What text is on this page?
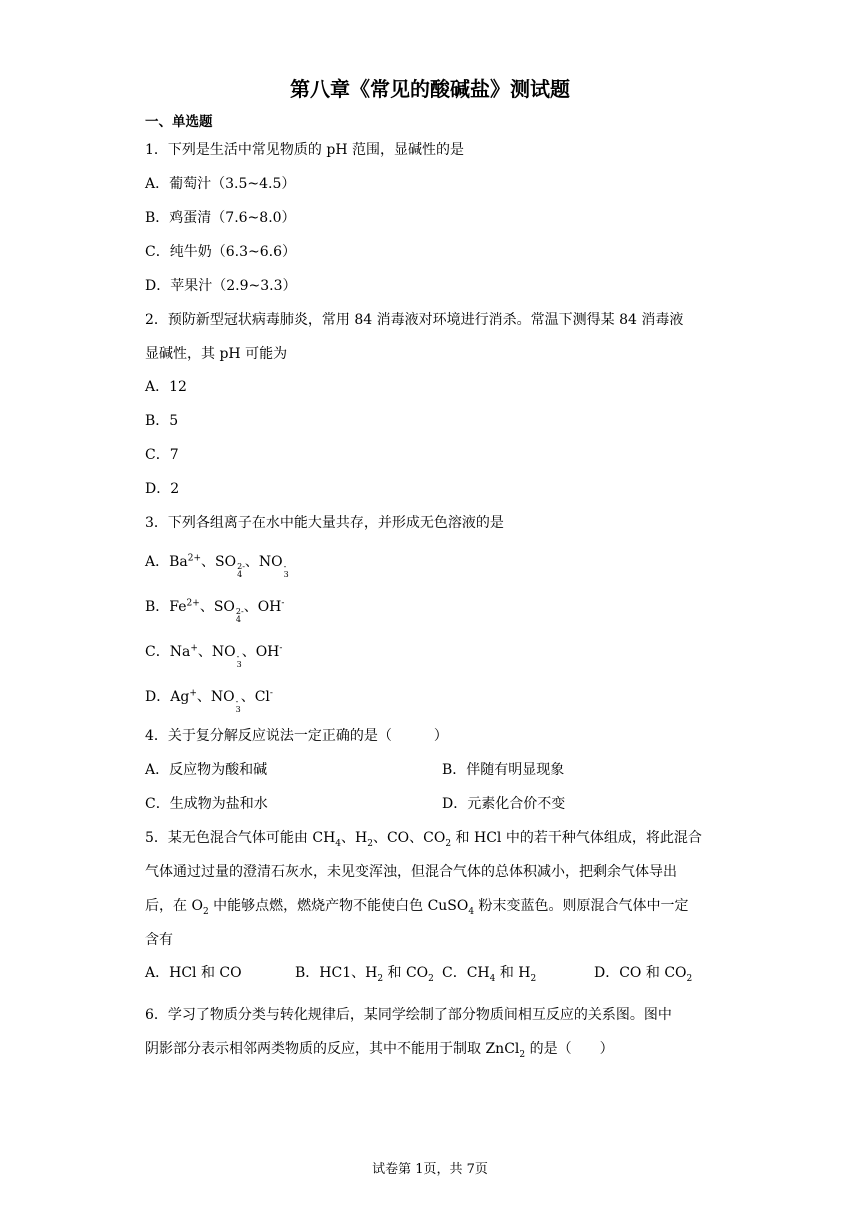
第八章《常见的酸碱盐》测试题
一、单选题
1．下列是生活中常见物质的 pH 范围，显碱性的是
A．葡萄汁（3.5~4.5）
B．鸡蛋清（7.6~8.0）
C．纯牛奶（6.3~6.6）
D．苹果汁（2.9~3.3）
2．预防新型冠状病毒肺炎，常用 84 消毒液对环境进行消杀。常温下测得某 84 消毒液
显碱性，其 pH 可能为
A．12
B．5
C．7
D．2
3．下列各组离子在水中能大量共存，并形成无色溶液的是
A．$Ba^{2+}$、SO 2-
4
、NO -
3
B．$Fe^{2+}$、SO 2-
4
、OH-
C．Na+、NO -
3
、OH-
D．Ag+、NO -
3
、Cl-
4．关于复分解反应说法一定正确的是（　　　）
A．反应物为酸和碱	B．伴随有明显现象
C．生成物为盐和水	D．元素化合价不变
5．某无色混合气体可能由 $CH_4$、$H_2$、CO、$CO_2$ 和 HCl 中的若干种气体组成，将此混合
气体通过过量的澄清石灰水，未见变浑浊，但混合气体的总体积减小，把剩余气体导出
后，在 $O_2$ 中能够点燃，燃烧产物不能使白色 CuSO$_4$ 粉末变蓝色。则原混合气体中一定
含有
A．HCl 和 CO	B．HC1、$H_2$ 和 $CO_2$ C．$CH_4$ 和 $H_2$	D．CO 和 $CO_2$
6．学习了物质分类与转化规律后，某同学绘制了部分物质间相互反应的关系图。图中
阴影部分表示相邻两类物质的反应，其中不能用于制取 ZnCl$_2$ 的是（　　）
试卷第 1页，共 7页
